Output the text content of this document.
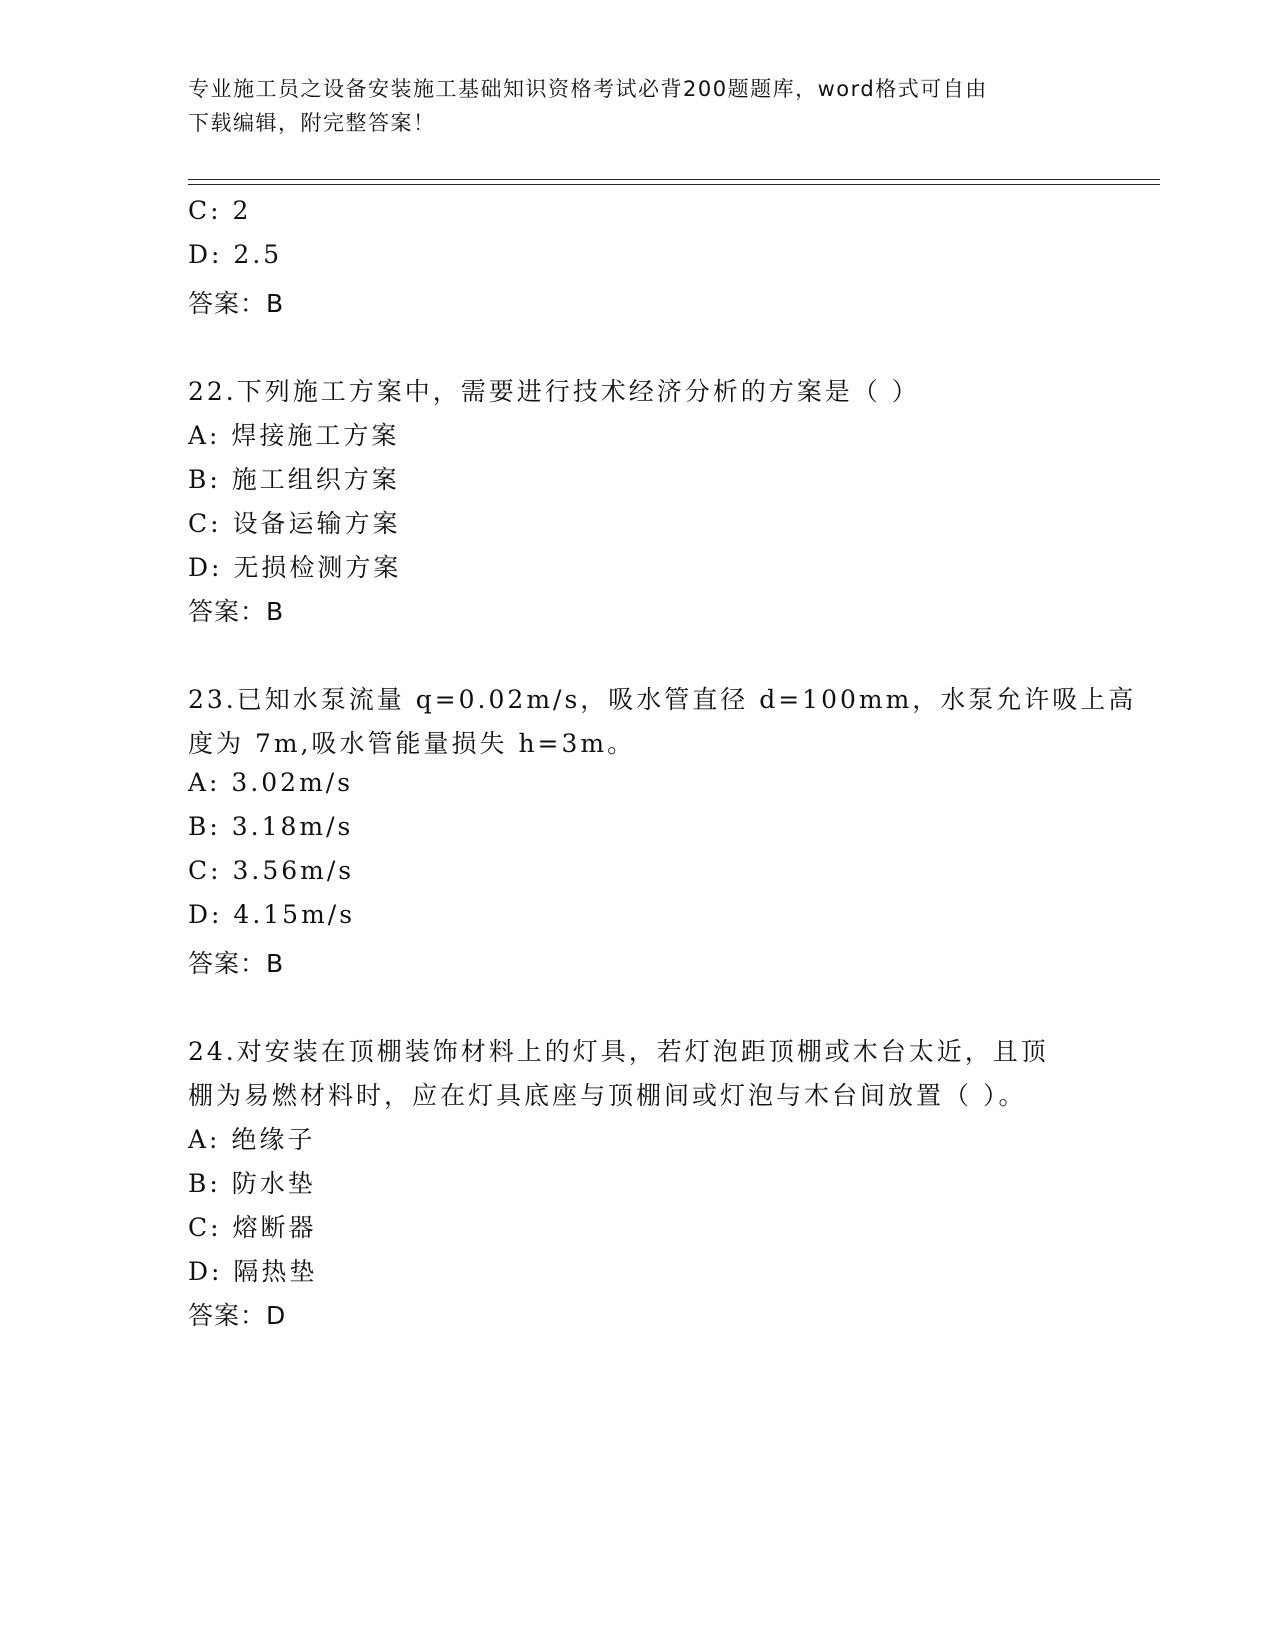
专业施工员之设备安装施工基础知识资格考试必背200题题库，word格式可自由
下载编辑，附完整答案！
C: 2
D: 2.5
答案：B
22.下列施工方案中，需要进行技术经济分析的方案是（ ）
A: 焊接施工方案
B: 施工组织方案
C: 设备运输方案
D: 无损检测方案
答案：B
23.已知水泵流量 q=0.02m/s，吸水管直径 d=100mm，水泵允许吸上高
度为 7m,吸水管能量损失 h=3m。
A: 3.02m/s
B: 3.18m/s
C: 3.56m/s
D: 4.15m/s
答案：B
24.对安装在顶棚装饰材料上的灯具，若灯泡距顶棚或木台太近，且顶
棚为易燃材料时，应在灯具底座与顶棚间或灯泡与木台间放置（ ）。
A: 绝缘子
B: 防水垫
C: 熔断器
D: 隔热垫
答案：D
